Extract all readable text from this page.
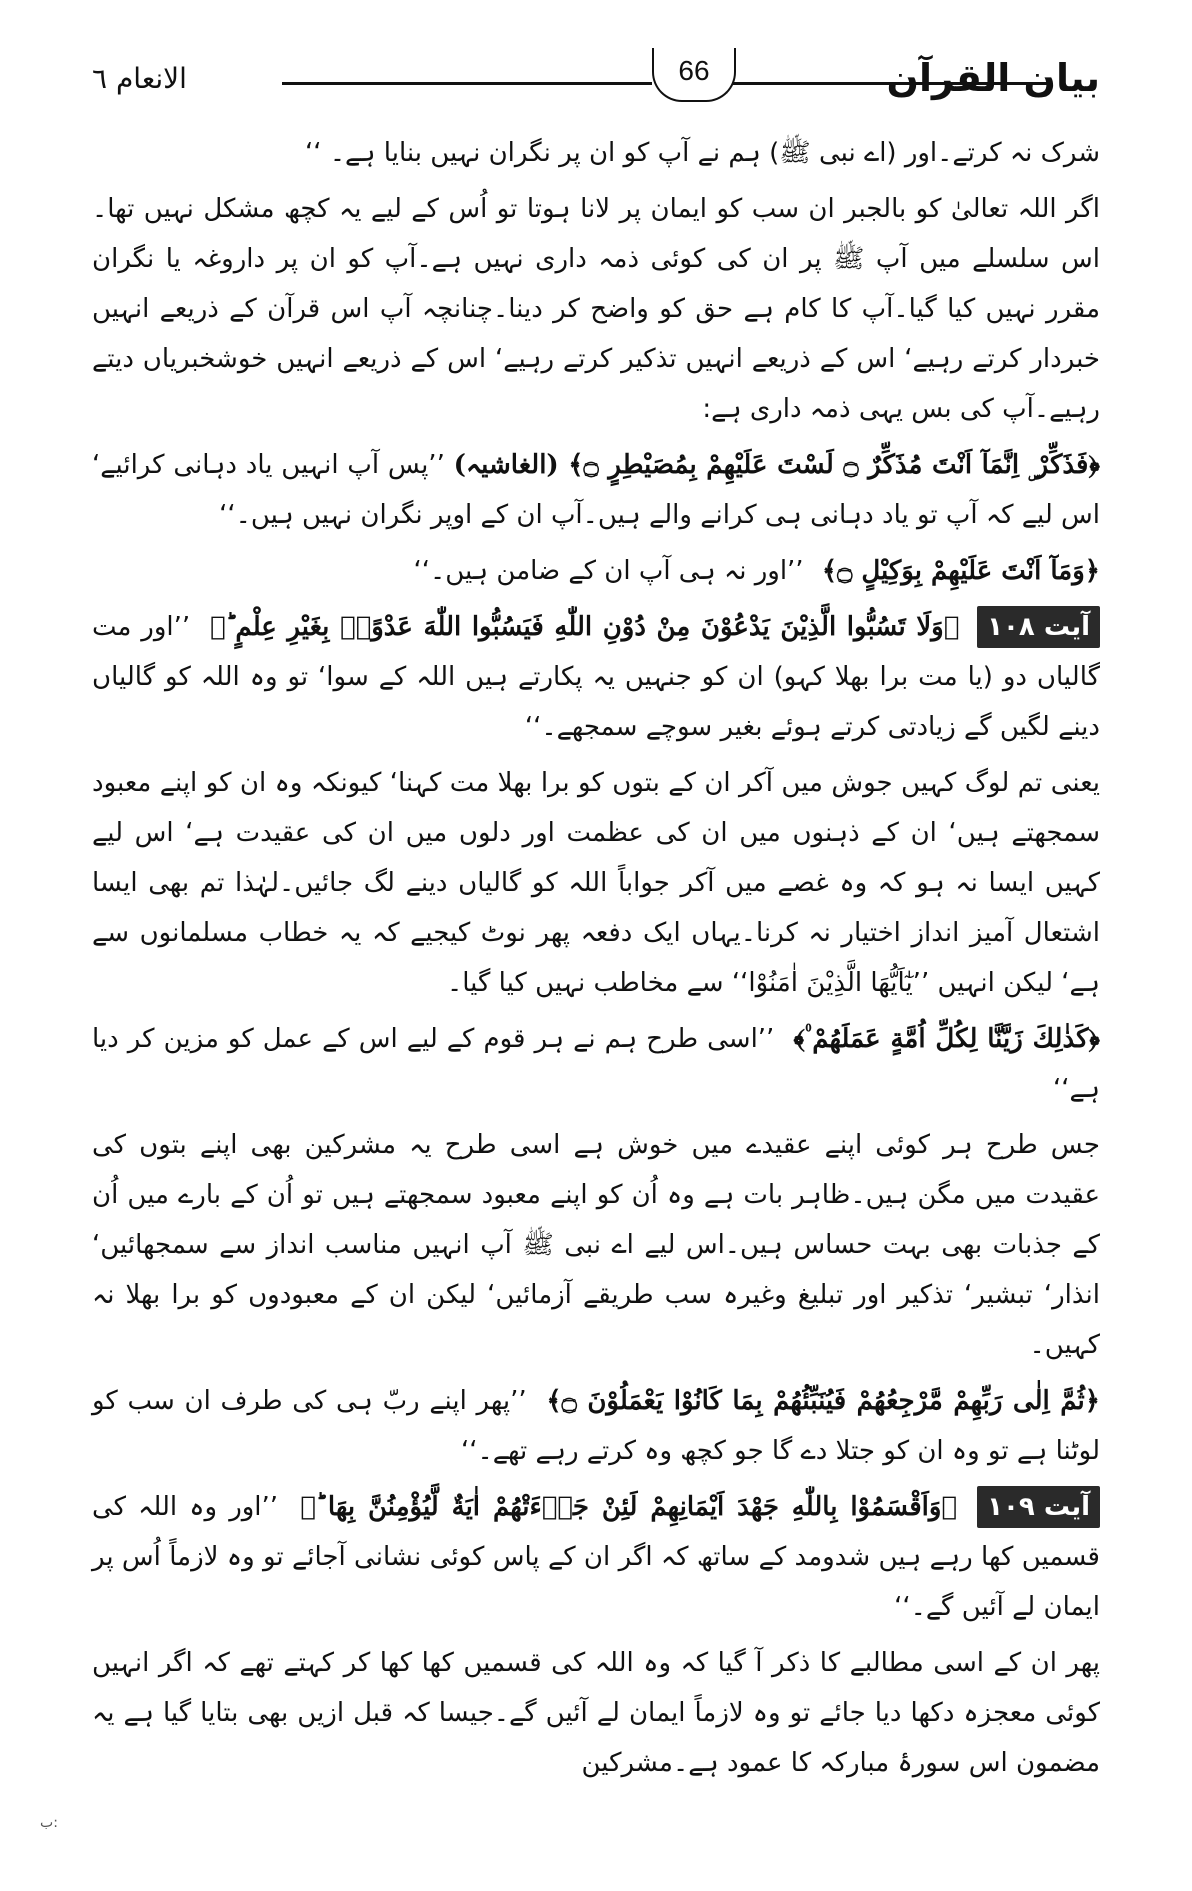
الانعام ٦	66	بیان القرآن

شرک نہ کرتے۔اور (اے نبی ﷺ) ہم نے آپ کو ان پر نگران نہیں بنایا ہے۔ ‘‘

اگر اللہ تعالیٰ کو بالجبر ان سب کو ایمان پر لانا ہوتا تو اُس کے لیے یہ کچھ مشکل نہیں تھا۔اس سلسلے میں آپ ﷺ پر ان کی کوئی ذمہ داری نہیں ہے۔آپ کو ان پر داروغہ یا نگران مقرر نہیں کیا گیا۔آپ کا کام ہے حق کو واضح کر دینا۔چنانچہ آپ اس قرآن کے ذریعے انہیں خبردار کرتے رہیے‘ اس کے ذریعے انہیں تذکیر کرتے رہیے‘ اس کے ذریعے انہیں خوشخبریاں دیتے رہیے۔آپ کی بس یہی ذمہ داری ہے:

﴿فَذَكِّرْ ۣ اِنَّمَآ اَنْتَ مُذَكِّرٌ ۝ لَسْتَ عَلَيْهِمْ بِمُصَيْطِرٍ ۝﴾ (الغاشیہ) ’’پس آپ انہیں یاد دہانی کرائیے‘ اس لیے کہ آپ تو یاد دہانی ہی کرانے والے ہیں۔آپ ان کے اوپر نگران نہیں ہیں۔‘‘

﴿وَمَآ اَنْتَ عَلَيْهِمْ بِوَكِيْلٍ ۝﴾ ’’اور نہ ہی آپ ان کے ضامن ہیں۔‘‘

آیت ۱۰۸ ﴿وَلَا تَسُبُّوا الَّذِيْنَ يَدْعُوْنَ مِنْ دُوْنِ اللّٰهِ فَيَسُبُّوا اللّٰهَ عَدْوًاۢ بِغَيْرِ عِلْمٍ ؕ﴾ ’’اور مت گالیاں دو (یا مت برا بھلا کہو) ان کو جنہیں یہ پکارتے ہیں اللہ کے سوا‘ تو وہ اللہ کو گالیاں دینے لگیں گے زیادتی کرتے ہوئے بغیر سوچے سمجھے۔‘‘

یعنی تم لوگ کہیں جوش میں آکر ان کے بتوں کو برا بھلا مت کہنا‘ کیونکہ وہ ان کو اپنے معبود سمجھتے ہیں‘ ان کے ذہنوں میں ان کی عظمت اور دلوں میں ان کی عقیدت ہے‘ اس لیے کہیں ایسا نہ ہو کہ وہ غصے میں آکر جواباً اللہ کو گالیاں دینے لگ جائیں۔لہٰذا تم بھی ایسا اشتعال آمیز انداز اختیار نہ کرنا۔یہاں ایک دفعہ پھر نوٹ کیجیے کہ یہ خطاب مسلمانوں سے ہے‘ لیکن انہیں ’’يٰٓاَيُّهَا الَّذِيْنَ اٰمَنُوْا‘‘ سے مخاطب نہیں کیا گیا۔

﴿كَذٰلِكَ زَيَّنَّا لِكُلِّ اُمَّةٍ عَمَلَهُمْ ۠﴾ ’’اسی طرح ہم نے ہر قوم کے لیے اس کے عمل کو مزین کر دیا ہے‘‘

جس طرح ہر کوئی اپنے عقیدے میں خوش ہے اسی طرح یہ مشرکین بھی اپنے بتوں کی عقیدت میں مگن ہیں۔ظاہر بات ہے وہ اُن کو اپنے معبود سمجھتے ہیں تو اُن کے بارے میں اُن کے جذبات بھی بہت حساس ہیں۔اس لیے اے نبی ﷺ آپ انہیں مناسب انداز سے سمجھائیں‘ انذار‘ تبشیر‘ تذکیر اور تبلیغ وغیرہ سب طریقے آزمائیں‘ لیکن ان کے معبودوں کو برا بھلا نہ کہیں۔

﴿ثُمَّ اِلٰى رَبِّهِمْ مَّرْجِعُهُمْ فَيُنَبِّئُهُمْ بِمَا كَانُوْا يَعْمَلُوْنَ ۝﴾ ’’پھر اپنے ربّ ہی کی طرف ان سب کو لوٹنا ہے تو وہ ان کو جتلا دے گا جو کچھ وہ کرتے رہے تھے۔‘‘

آیت ۱۰۹ ﴿وَاَقْسَمُوْا بِاللّٰهِ جَهْدَ اَيْمَانِهِمْ لَئِنْ جَاۗءَتْهُمْ اٰيَةٌ لَّيُؤْمِنُنَّ بِهَا ؕ﴾ ’’اور وہ اللہ کی قسمیں کھا رہے ہیں شدومد کے ساتھ کہ اگر ان کے پاس کوئی نشانی آجائے تو وہ لازماً اُس پر ایمان لے آئیں گے۔‘‘

پھر ان کے اسی مطالبے کا ذکر آ گیا کہ وہ اللہ کی قسمیں کھا کھا کر کہتے تھے کہ اگر انہیں کوئی معجزہ دکھا دیا جائے تو وہ لازماً ایمان لے آئیں گے۔جیسا کہ قبل ازیں بھی بتایا گیا ہے یہ مضمون اس سورۂ مبارکہ کا عمود ہے۔مشرکین

ب:
